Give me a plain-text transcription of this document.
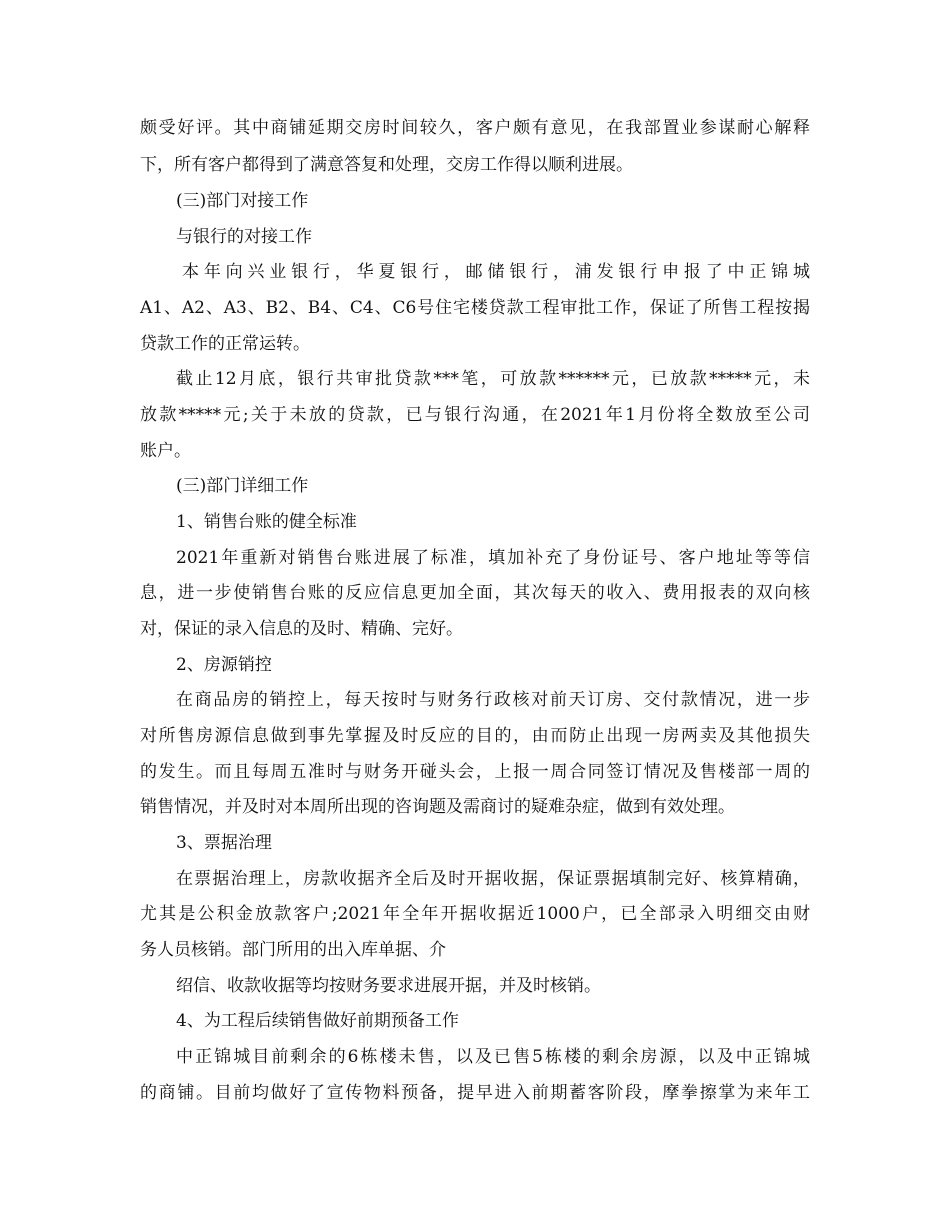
颇受好评。其中商铺延期交房时间较久，客户颇有意见，在我部置业参谋耐心解释
下，所有客户都得到了满意答复和处理，交房工作得以顺利进展。
(三)部门对接工作
与银行的对接工作
本年向兴业银行，华夏银行，邮储银行，浦发银行申报了中正锦城
A1、A2、A3、B2、B4、C4、C6号住宅楼贷款工程审批工作，保证了所售工程按揭
贷款工作的正常运转。
截止12月底，银行共审批贷款***笔，可放款******元，已放款*****元，未
放款*****元;关于未放的贷款，已与银行沟通，在2021年1月份将全数放至公司
账户。
(三)部门详细工作
1、销售台账的健全标准
2021年重新对销售台账进展了标准，填加补充了身份证号、客户地址等等信
息，进一步使销售台账的反应信息更加全面，其次每天的收入、费用报表的双向核
对，保证的录入信息的及时、精确、完好。
2、房源销控
在商品房的销控上，每天按时与财务行政核对前天订房、交付款情况，进一步
对所售房源信息做到事先掌握及时反应的目的，由而防止出现一房两卖及其他损失
的发生。而且每周五准时与财务开碰头会，上报一周合同签订情况及售楼部一周的
销售情况，并及时对本周所出现的咨询题及需商讨的疑难杂症，做到有效处理。
3、票据治理
在票据治理上，房款收据齐全后及时开据收据，保证票据填制完好、核算精确，
尤其是公积金放款客户;2021年全年开据收据近1000户，已全部录入明细交由财
务人员核销。部门所用的出入库单据、介
绍信、收款收据等均按财务要求进展开据，并及时核销。
4、为工程后续销售做好前期预备工作
中正锦城目前剩余的6栋楼未售，以及已售5栋楼的剩余房源，以及中正锦城
的商铺。目前均做好了宣传物料预备，提早进入前期蓄客阶段，摩拳擦掌为来年工
